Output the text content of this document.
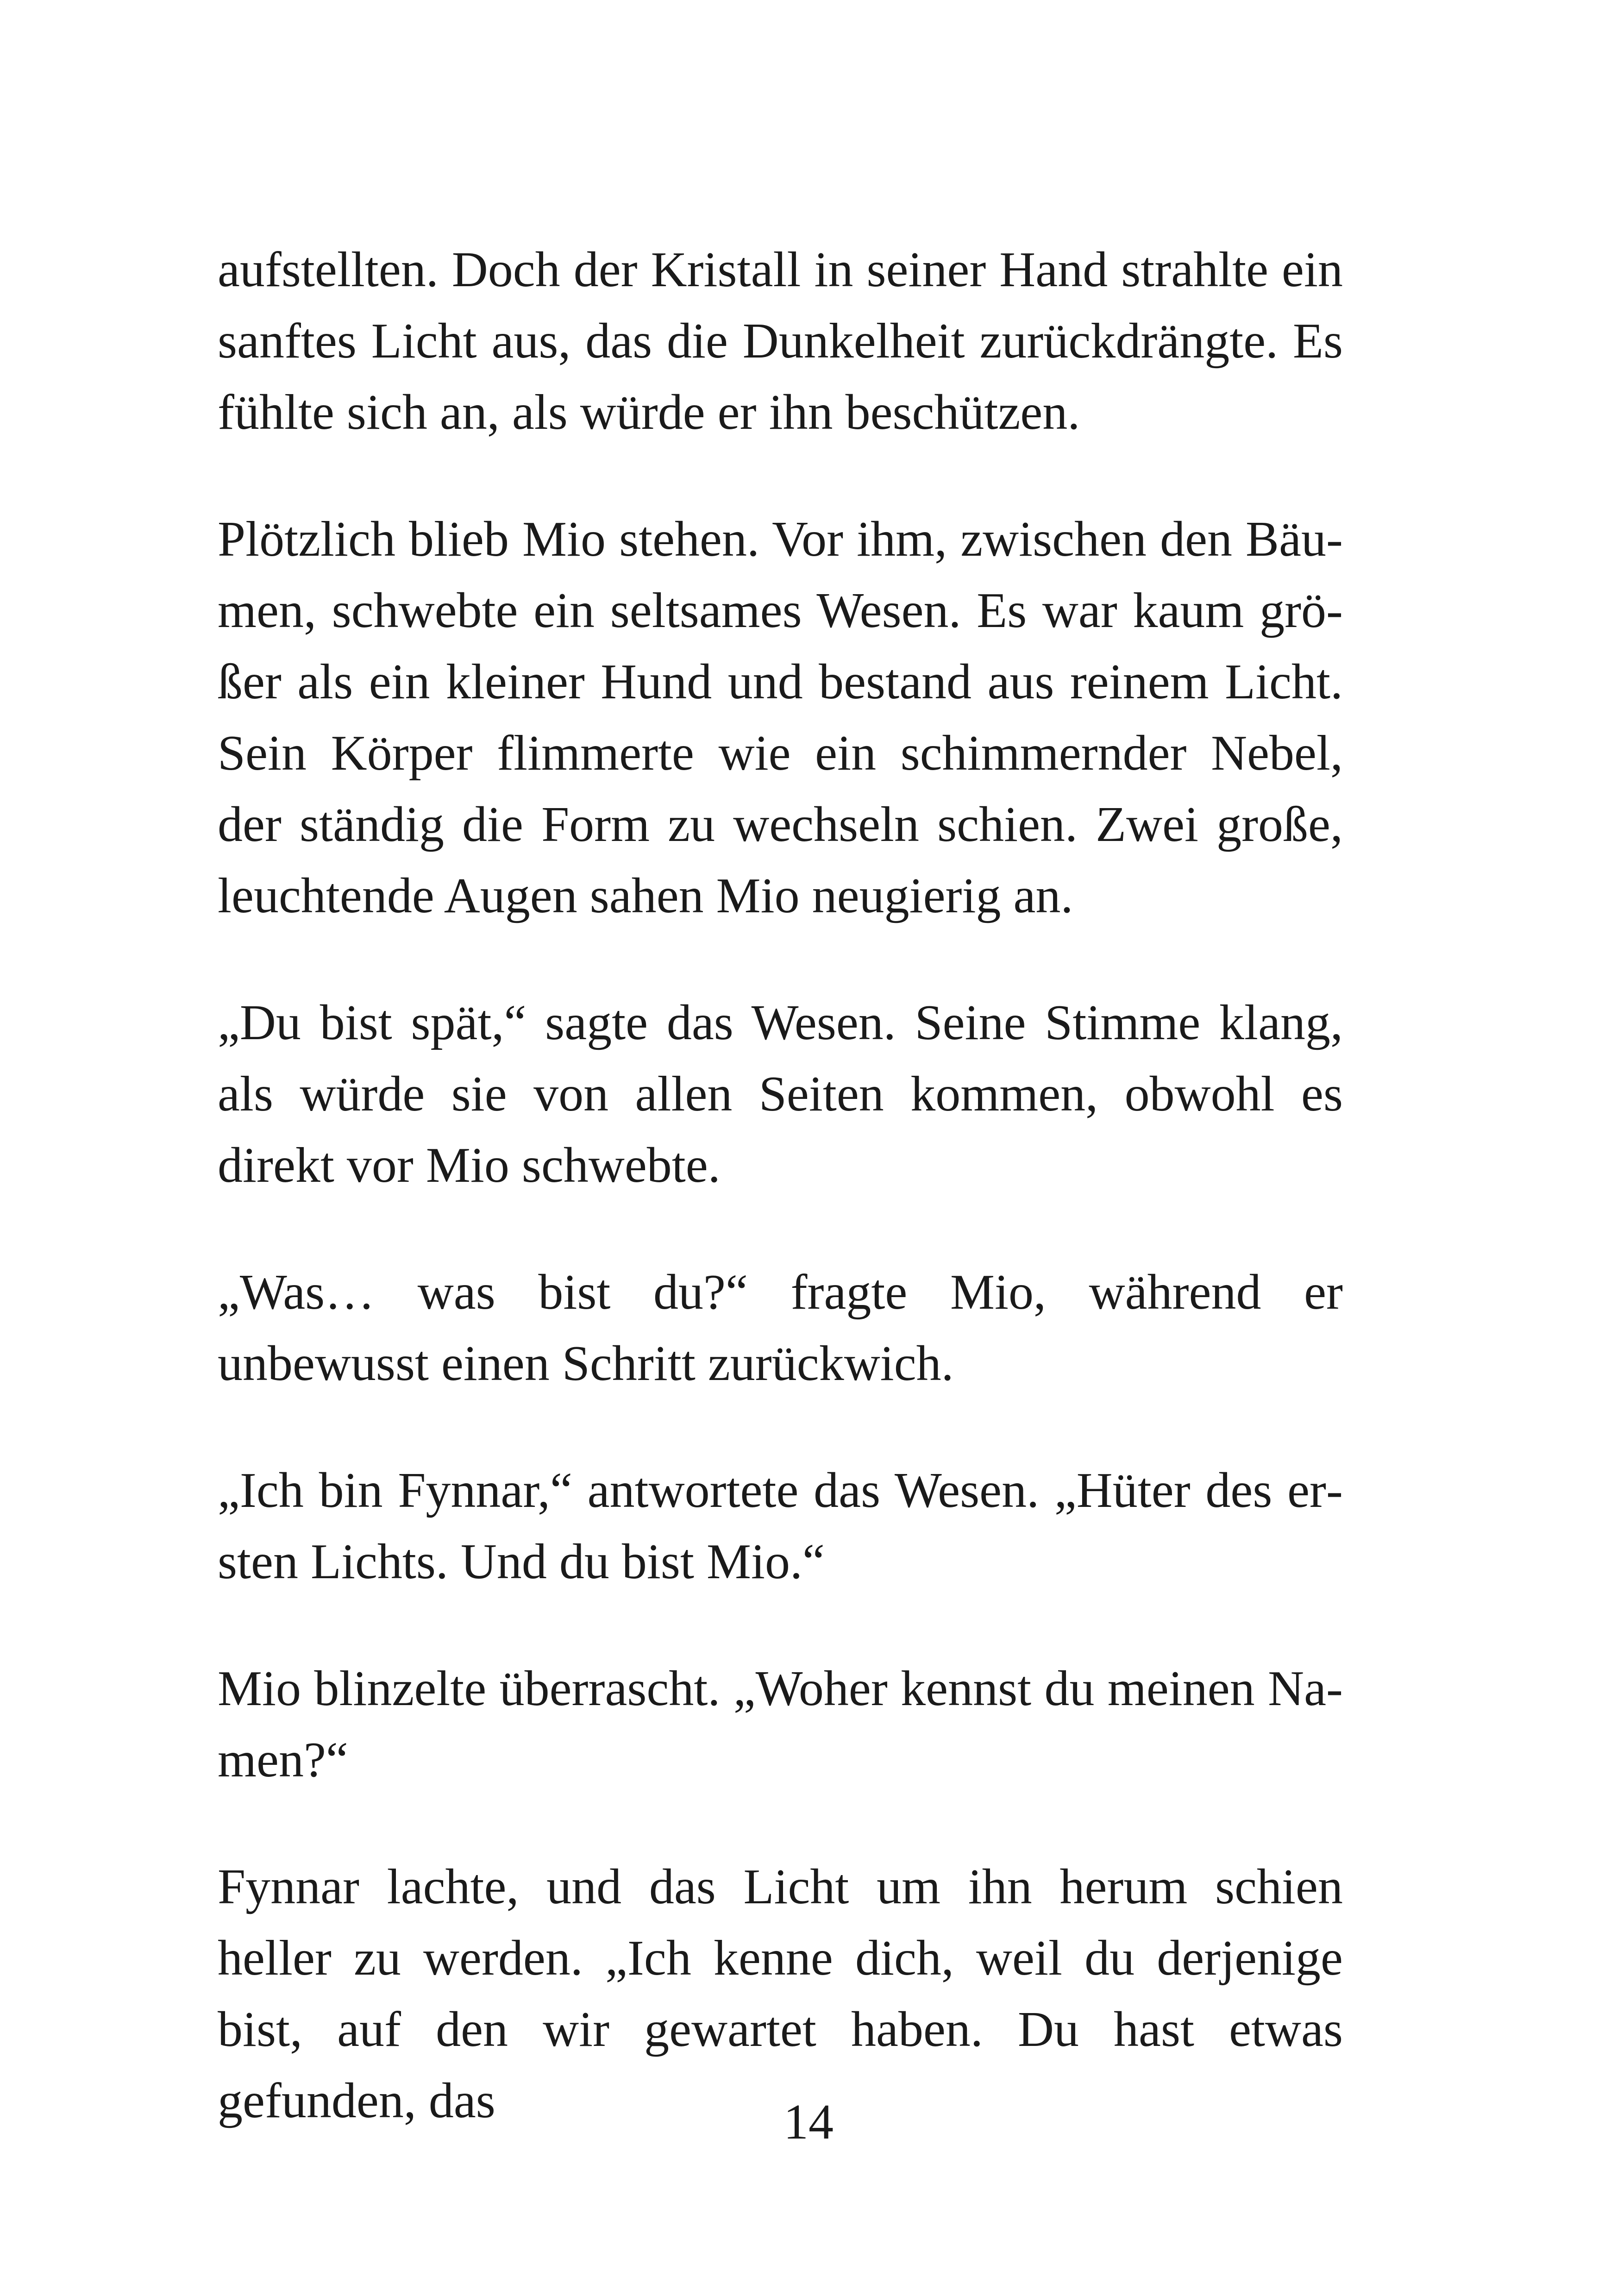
aufstellten. Doch der Kristall in seiner Hand strahlte ein sanftes Licht aus, das die Dunkelheit zurückdrängte. Es fühlte sich an, als würde er ihn beschützen.

Plötzlich blieb Mio stehen. Vor ihm, zwischen den Bäumen, schwebte ein seltsames Wesen. Es war kaum größer als ein kleiner Hund und bestand aus reinem Licht. Sein Körper flimmerte wie ein schimmernder Nebel, der ständig die Form zu wechseln schien. Zwei große, leuchtende Augen sahen Mio neugierig an.

„Du bist spät,“ sagte das Wesen. Seine Stimme klang, als würde sie von allen Seiten kommen, obwohl es direkt vor Mio schwebte.

„Was… was bist du?“ fragte Mio, während er unbewusst einen Schritt zurückwich.

„Ich bin Fynnar,“ antwortete das Wesen. „Hüter des ersten Lichts. Und du bist Mio.“

Mio blinzelte überrascht. „Woher kennst du meinen Namen?“

Fynnar lachte, und das Licht um ihn herum schien heller zu werden. „Ich kenne dich, weil du derjenige bist, auf den wir gewartet haben. Du hast etwas gefunden, das	14
